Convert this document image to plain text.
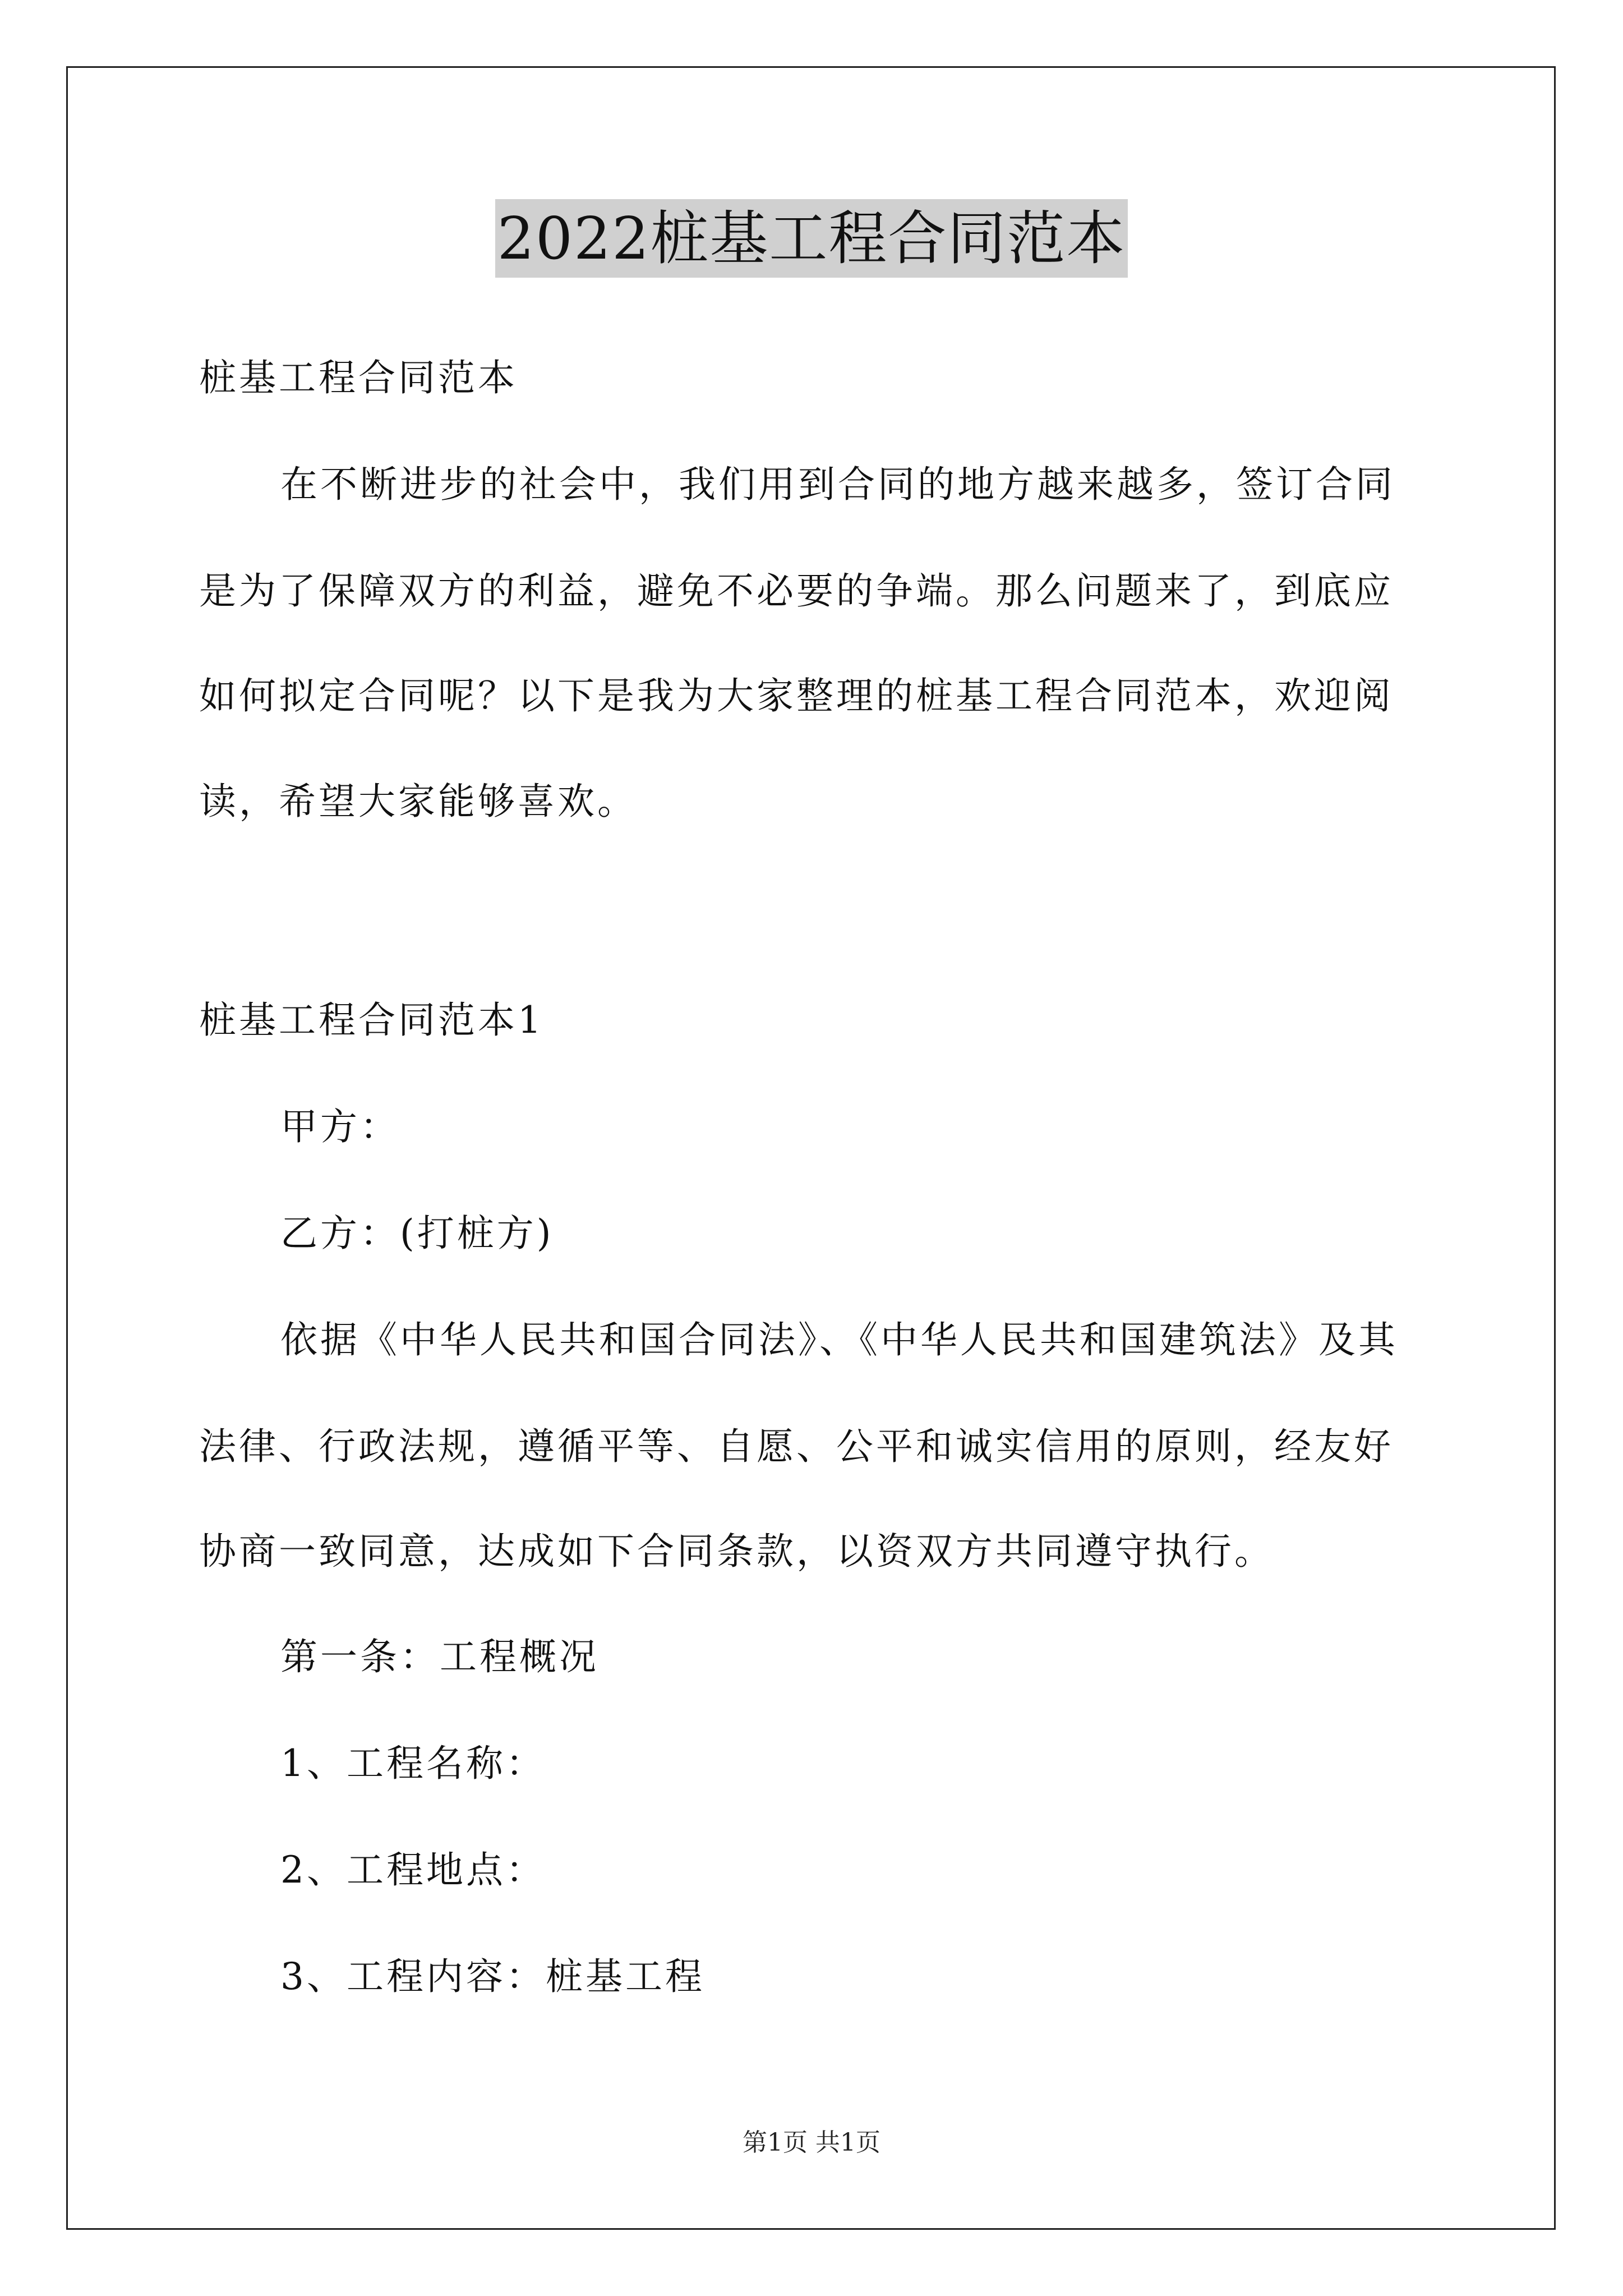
2022桩基工程合同范本

桩基工程合同范本

在不断进步的社会中，我们用到合同的地方越来越多，签订合同

是为了保障双方的利益，避免不必要的争端。那么问题来了，到底应

如何拟定合同呢？以下是我为大家整理的桩基工程合同范本，欢迎阅

读，希望大家能够喜欢。

桩基工程合同范本1

甲方：

乙方：(打桩方)

依据《中华人民共和国合同法》、《中华人民共和国建筑法》及其

法律、行政法规，遵循平等、自愿、公平和诚实信用的原则，经友好

协商一致同意，达成如下合同条款，以资双方共同遵守执行。

第一条：工程概况

1、工程名称：

2、工程地点：

3、工程内容：桩基工程

第1页 共1页
